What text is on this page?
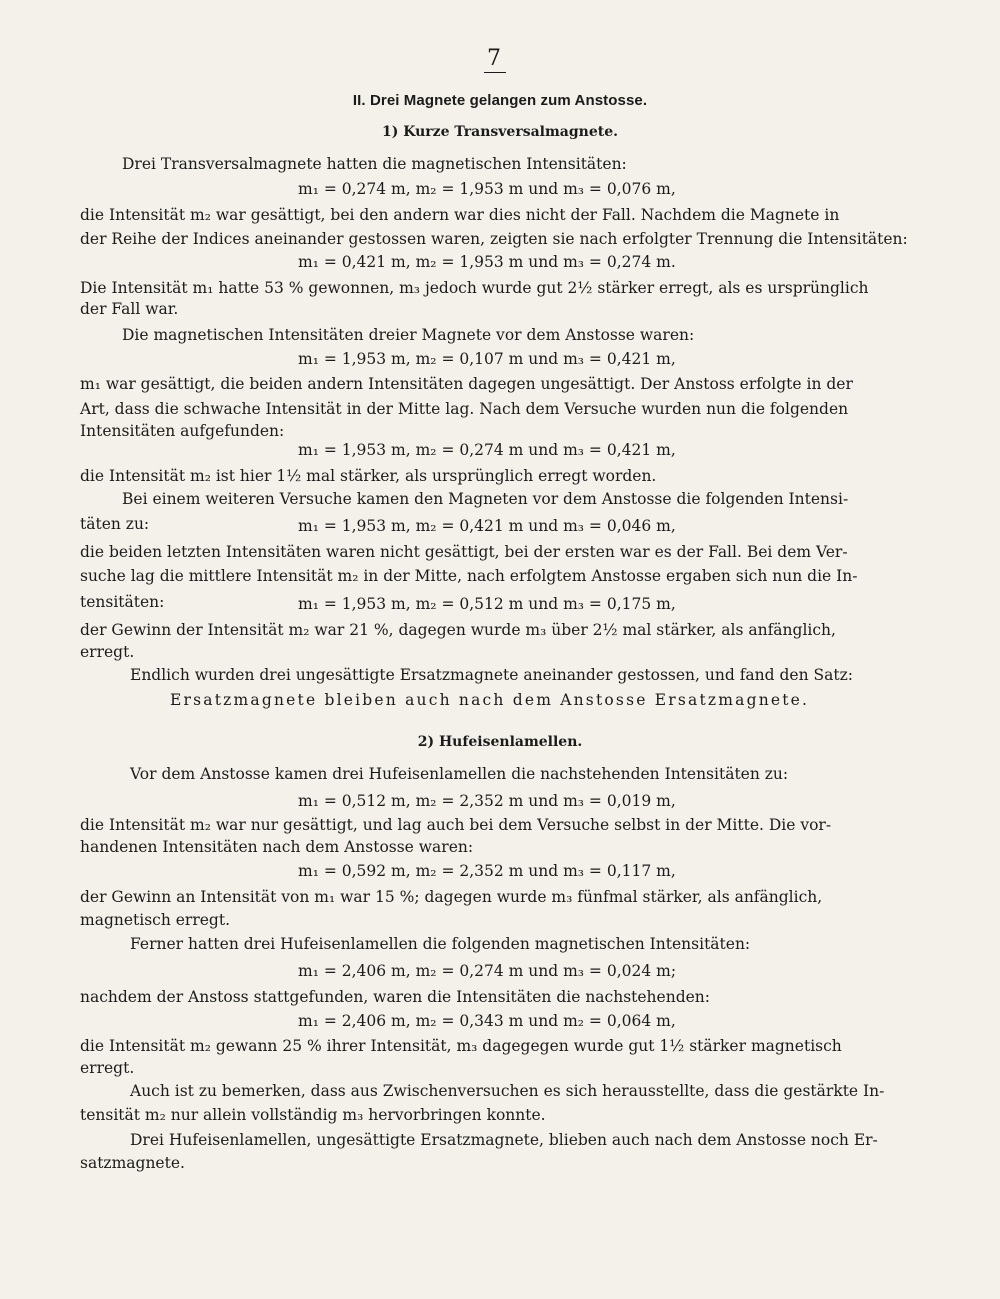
7
II. Drei Magnete gelangen zum Anstosse.
1) Kurze Transversalmagnete.
Drei Transversalmagnete hatten die magnetischen Intensitäten:
m₁ = 0,274 m, m₂ = 1,953 m und m₃ = 0,076 m,
die Intensität m₂ war gesättigt, bei den andern war dies nicht der Fall. Nachdem die Magnete in
der Reihe der Indices aneinander gestossen waren, zeigten sie nach erfolgter Trennung die Intensitäten:
m₁ = 0,421 m, m₂ = 1,953 m und m₃ = 0,274 m.
Die Intensität m₁ hatte 53 % gewonnen, m₃ jedoch wurde gut 2½ stärker erregt, als es ursprünglich
der Fall war.
Die magnetischen Intensitäten dreier Magnete vor dem Anstosse waren:
m₁ = 1,953 m, m₂ = 0,107 m und m₃ = 0,421 m,
m₁ war gesättigt, die beiden andern Intensitäten dagegen ungesättigt. Der Anstoss erfolgte in der
Art, dass die schwache Intensität in der Mitte lag. Nach dem Versuche wurden nun die folgenden
Intensitäten aufgefunden:
m₁ = 1,953 m, m₂ = 0,274 m und m₃ = 0,421 m,
die Intensität m₂ ist hier 1½ mal stärker, als ursprünglich erregt worden.
Bei einem weiteren Versuche kamen den Magneten vor dem Anstosse die folgenden Intensi-
täten zu:	m₁ = 1,953 m, m₂ = 0,421 m und m₃ = 0,046 m,
die beiden letzten Intensitäten waren nicht gesättigt, bei der ersten war es der Fall. Bei dem Ver-
suche lag die mittlere Intensität m₂ in der Mitte, nach erfolgtem Anstosse ergaben sich nun die In-
tensitäten:	m₁ = 1,953 m, m₂ = 0,512 m und m₃ = 0,175 m,
der Gewinn der Intensität m₂ war 21 %, dagegen wurde m₃ über 2½ mal stärker, als anfänglich,
erregt.
Endlich wurden drei ungesättigte Ersatzmagnete aneinander gestossen, und fand den Satz:
Ersatzmagnete bleiben auch nach dem Anstosse Ersatzmagnete.
2) Hufeisenlamellen.
Vor dem Anstosse kamen drei Hufeisenlamellen die nachstehenden Intensitäten zu:
m₁ = 0,512 m, m₂ = 2,352 m und m₃ = 0,019 m,
die Intensität m₂ war nur gesättigt, und lag auch bei dem Versuche selbst in der Mitte. Die vor-
handenen Intensitäten nach dem Anstosse waren:
m₁ = 0,592 m, m₂ = 2,352 m und m₃ = 0,117 m,
der Gewinn an Intensität von m₁ war 15 %; dagegen wurde m₃ fünfmal stärker, als anfänglich,
magnetisch erregt.
Ferner hatten drei Hufeisenlamellen die folgenden magnetischen Intensitäten:
m₁ = 2,406 m, m₂ = 0,274 m und m₃ = 0,024 m;
nachdem der Anstoss stattgefunden, waren die Intensitäten die nachstehenden:
m₁ = 2,406 m, m₂ = 0,343 m und m₂ = 0,064 m,
die Intensität m₂ gewann 25 % ihrer Intensität, m₃ dagegegen wurde gut 1½ stärker magnetisch
erregt.
Auch ist zu bemerken, dass aus Zwischenversuchen es sich herausstellte, dass die gestärkte In-
tensität m₂ nur allein vollständig m₃ hervorbringen konnte.
Drei Hufeisenlamellen, ungesättigte Ersatzmagnete, blieben auch nach dem Anstosse noch Er-
satzmagnete.
